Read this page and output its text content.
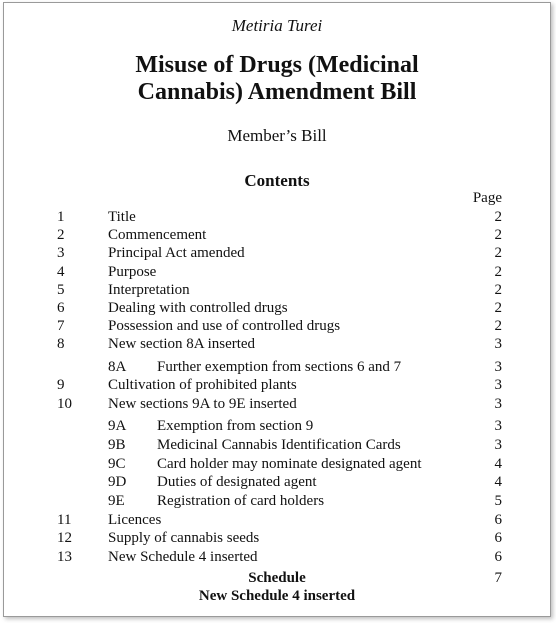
Metiria Turei
Misuse of Drugs (Medicinal
Cannabis) Amendment Bill
Member’s Bill
Contents
Page
1	Title	2
2	Commencement	2
3	Principal Act amended	2
4	Purpose	2
5	Interpretation	2
6	Dealing with controlled drugs	2
7	Possession and use of controlled drugs	2
8	New section 8A inserted	3
8A Further exemption from sections 6 and 7	3
9	Cultivation of prohibited plants	3
10 New sections 9A to 9E inserted	3
9A Exemption from section 9	3
9B Medicinal Cannabis Identification Cards	3
9C Card holder may nominate designated agent	4
9D Duties of designated agent	4
9E Registration of card holders	5
11 Licences	6
12 Supply of cannabis seeds	6
13 New Schedule 4 inserted	6
Schedule	7
New Schedule 4 inserted
